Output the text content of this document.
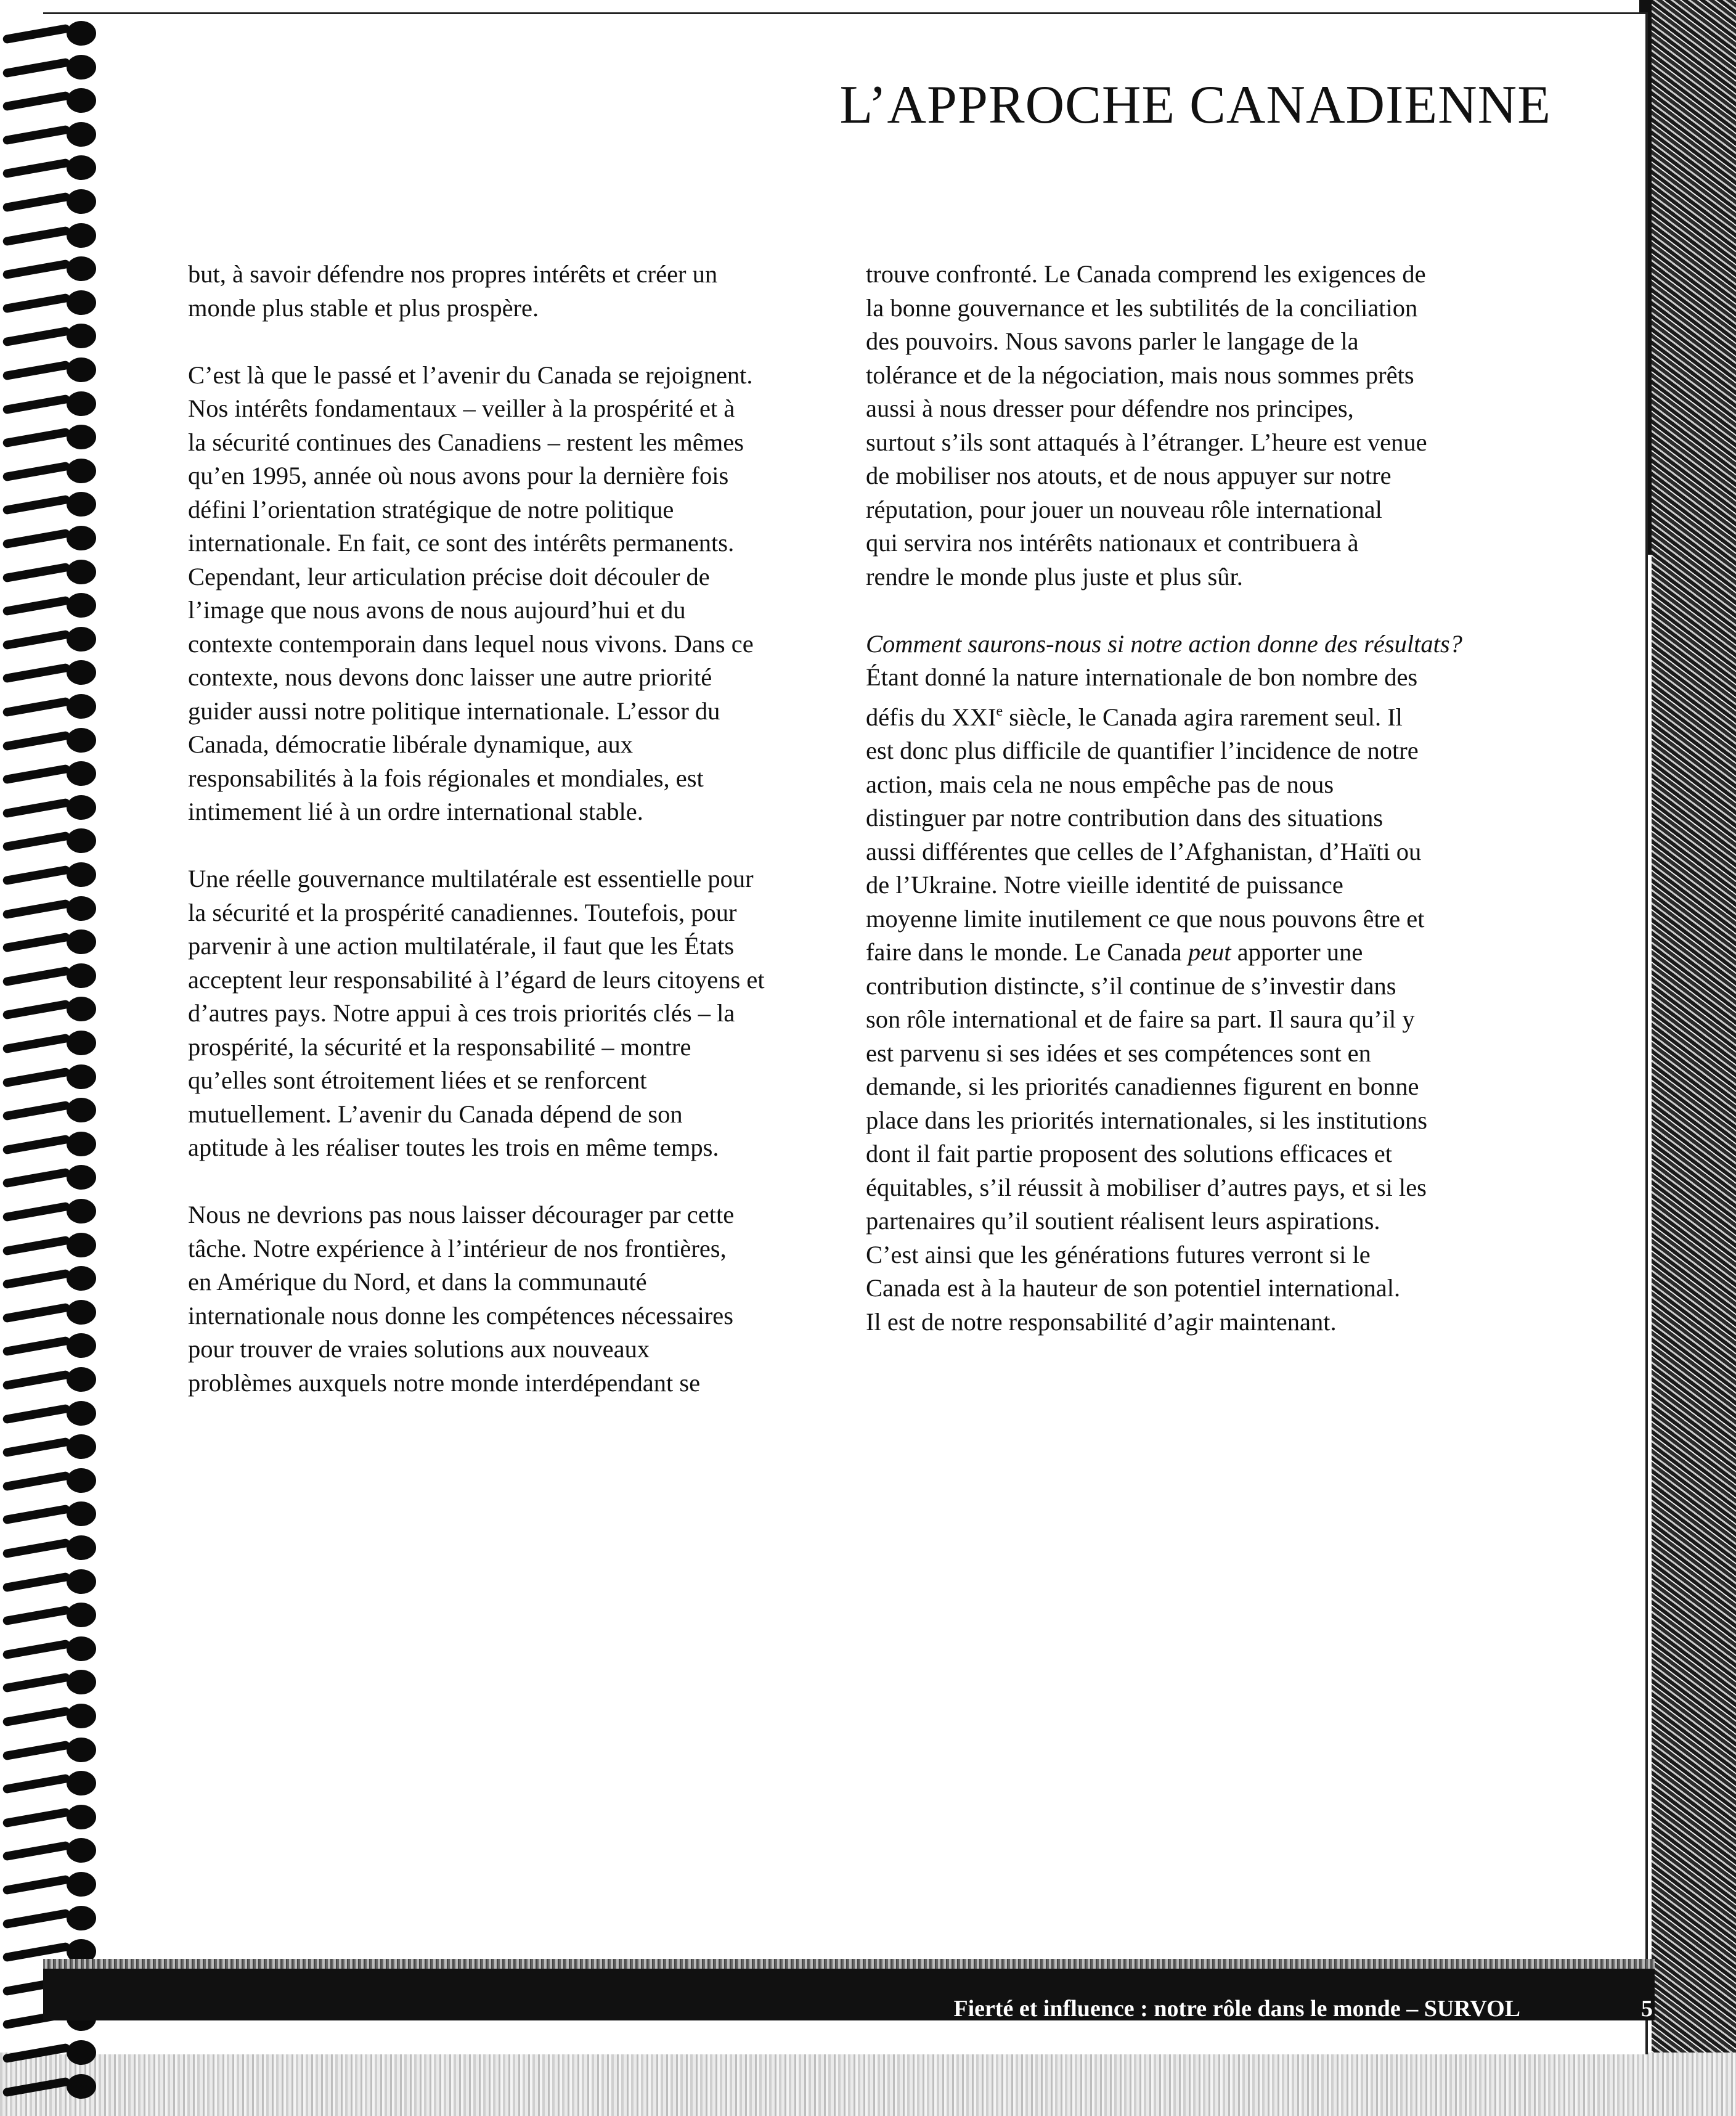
L’APPROCHE CANADIENNE

but, à savoir défendre nos propres intérêts et créer un
monde plus stable et plus prospère.

C’est là que le passé et l’avenir du Canada se rejoignent.
Nos intérêts fondamentaux – veiller à la prospérité et à
la sécurité continues des Canadiens – restent les mêmes
qu’en 1995, année où nous avons pour la dernière fois
défini l’orientation stratégique de notre politique
internationale. En fait, ce sont des intérêts permanents.
Cependant, leur articulation précise doit découler de
l’image que nous avons de nous aujourd’hui et du
contexte contemporain dans lequel nous vivons. Dans ce
contexte, nous devons donc laisser une autre priorité
guider aussi notre politique internationale. L’essor du
Canada, démocratie libérale dynamique, aux
responsabilités à la fois régionales et mondiales, est
intimement lié à un ordre international stable.

Une réelle gouvernance multilatérale est essentielle pour
la sécurité et la prospérité canadiennes. Toutefois, pour
parvenir à une action multilatérale, il faut que les États
acceptent leur responsabilité à l’égard de leurs citoyens et
d’autres pays. Notre appui à ces trois priorités clés – la
prospérité, la sécurité et la responsabilité – montre
qu’elles sont étroitement liées et se renforcent
mutuellement. L’avenir du Canada dépend de son
aptitude à les réaliser toutes les trois en même temps.

Nous ne devrions pas nous laisser décourager par cette
tâche. Notre expérience à l’intérieur de nos frontières,
en Amérique du Nord, et dans la communauté
internationale nous donne les compétences nécessaires
pour trouver de vraies solutions aux nouveaux
problèmes auxquels notre monde interdépendant se

trouve confronté. Le Canada comprend les exigences de
la bonne gouvernance et les subtilités de la conciliation
des pouvoirs. Nous savons parler le langage de la
tolérance et de la négociation, mais nous sommes prêts
aussi à nous dresser pour défendre nos principes,
surtout s’ils sont attaqués à l’étranger. L’heure est venue
de mobiliser nos atouts, et de nous appuyer sur notre
réputation, pour jouer un nouveau rôle international
qui servira nos intérêts nationaux et contribuera à
rendre le monde plus juste et plus sûr.

Comment saurons-nous si notre action donne des résultats?
Étant donné la nature internationale de bon nombre des
défis du XXIe siècle, le Canada agira rarement seul. Il
est donc plus difficile de quantifier l’incidence de notre
action, mais cela ne nous empêche pas de nous
distinguer par notre contribution dans des situations
aussi différentes que celles de l’Afghanistan, d’Haïti ou
de l’Ukraine. Notre vieille identité de puissance
moyenne limite inutilement ce que nous pouvons être et
faire dans le monde. Le Canada peut apporter une
contribution distincte, s’il continue de s’investir dans
son rôle international et de faire sa part. Il saura qu’il y
est parvenu si ses idées et ses compétences sont en
demande, si les priorités canadiennes figurent en bonne
place dans les priorités internationales, si les institutions
dont il fait partie proposent des solutions efficaces et
équitables, s’il réussit à mobiliser d’autres pays, et si les
partenaires qu’il soutient réalisent leurs aspirations.
C’est ainsi que les générations futures verront si le
Canada est à la hauteur de son potentiel international.
Il est de notre responsabilité d’agir maintenant.

Fierté et influence : notre rôle dans le monde – SURVOL	5
